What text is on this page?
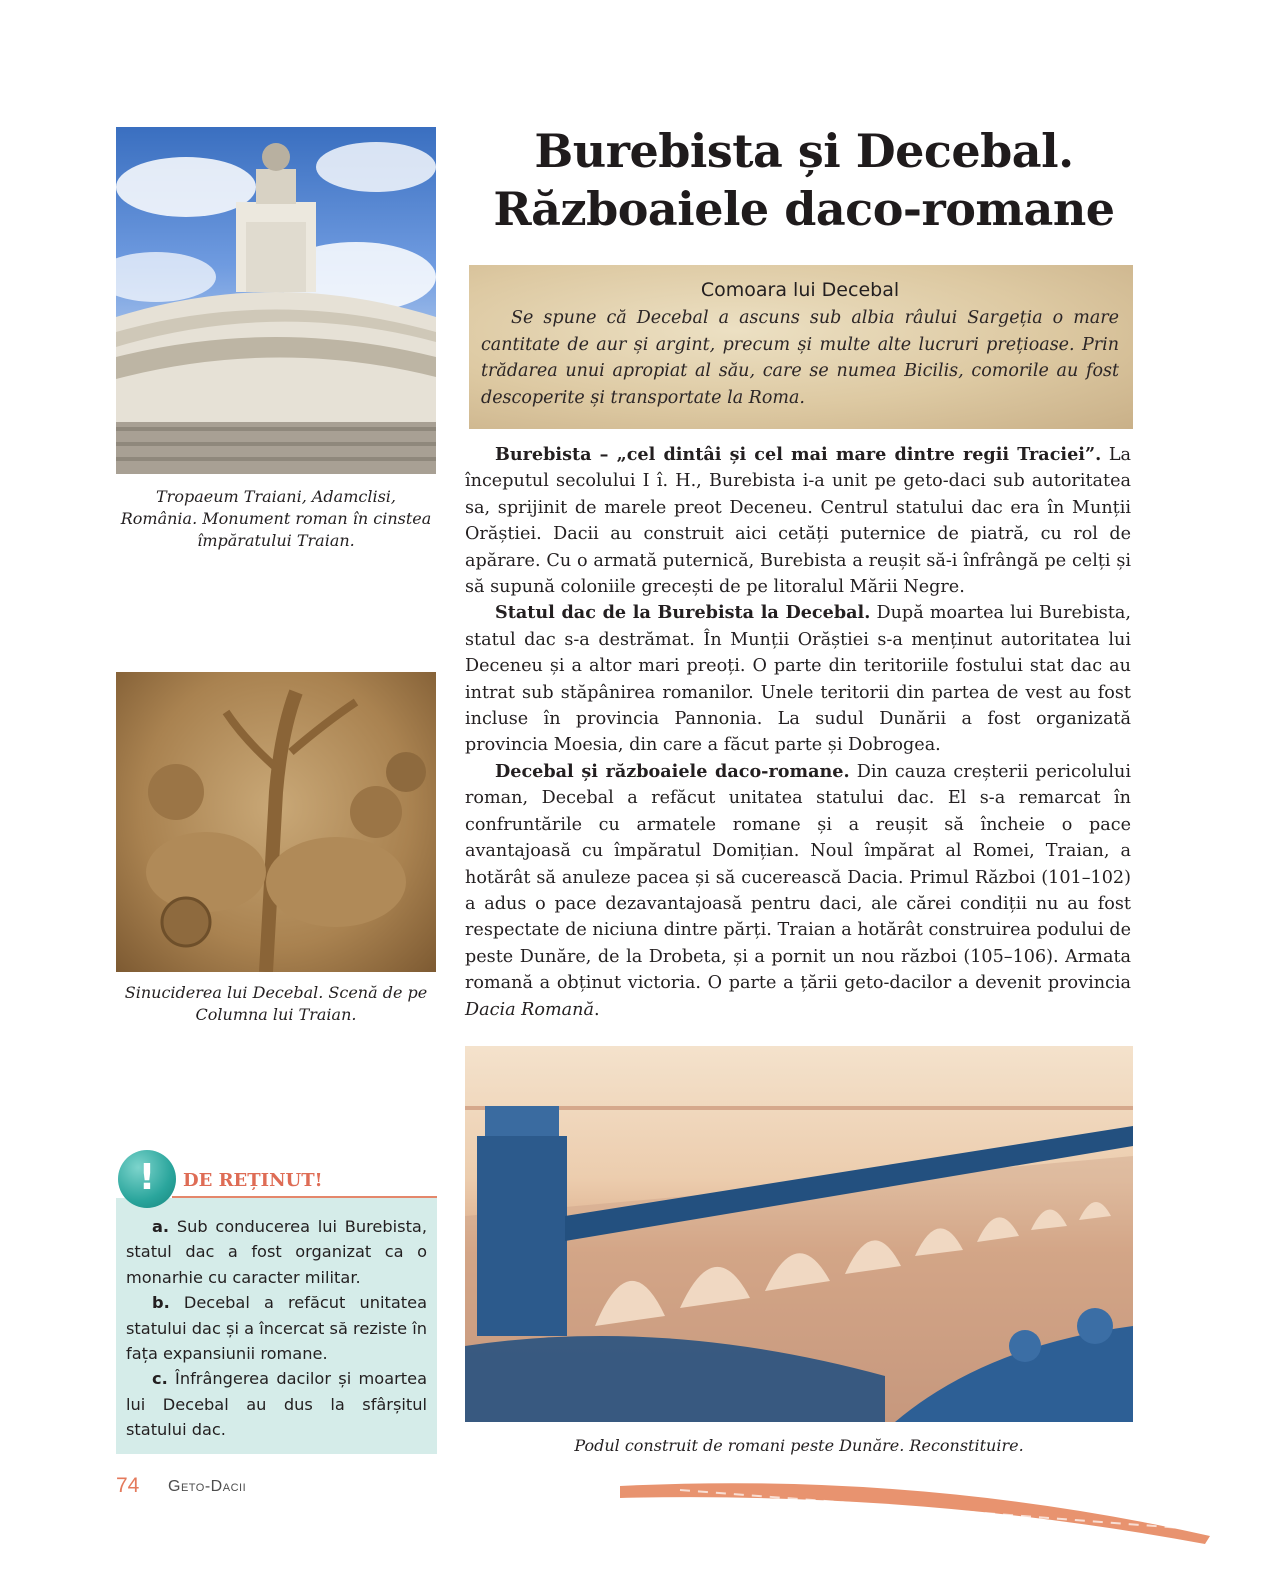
Burebista și Decebal.
Războaiele daco-romane
Comoara lui Decebal
Se spune că Decebal a ascuns sub albia râului Sargeția o mare cantitate de aur și argint, precum și multe alte lucruri prețioase. Prin trădarea unui apropiat al său, care se numea Bicilis, comorile au fost descoperite și transportate la Roma.

Burebista – „cel dintâi și cel mai mare dintre regii Traciei”. La începutul secolului I î. H., Burebista i-a unit pe geto-daci sub autoritatea sa, sprijinit de marele preot Deceneu. Centrul statului dac era în Munții Orăștiei. Dacii au construit aici cetăți puternice de piatră, cu rol de apărare. Cu o armată puternică, Burebista a reușit să-i înfrângă pe celți și să supună coloniile grecești de pe litoralul Mării Negre.

Statul dac de la Burebista la Decebal. După moartea lui Burebista, statul dac s-a destrămat. În Munții Orăștiei s-a menținut autoritatea lui Deceneu și a altor mari preoți. O parte din teritoriile fostului stat dac au intrat sub stăpânirea romanilor. Unele teritorii din partea de vest au fost incluse în provincia Pannonia. La sudul Dunării a fost organizată provincia Moesia, din care a făcut parte și Dobrogea.

Decebal și războaiele daco-romane. Din cauza creșterii pericolului roman, Decebal a refăcut unitatea statului dac. El s-a remarcat în confruntările cu armatele romane și a reușit să încheie o pace avantajoasă cu împăratul Domițian. Noul împărat al Romei, Traian, a hotărât să anuleze pacea și să cucerească Dacia. Primul Război (101–102) a adus o pace dezavantajoasă pentru daci, ale cărei condiții nu au fost respectate de niciuna dintre părți. Traian a hotărât construirea podului de peste Dunăre, de la Drobeta, și a pornit un nou război (105–106). Armata romană a obținut victoria. O parte a țării geto-dacilor a devenit provincia Dacia Romană.

Tropaeum Traiani, Adamclisi, România. Monument roman în cinstea împăratului Traian.
Sinuciderea lui Decebal. Scenă de pe Columna lui Traian.
Podul construit de romani peste Dunăre. Reconstituire.

a. Sub conducerea lui Burebista, statul dac a fost organizat ca o monarhie cu caracter militar.

b. Decebal a refăcut unitatea statului dac și a încercat să reziste în fața expansiunii romane.

c. Înfrângerea dacilor și moartea lui Decebal au dus la sfârșitul statului dac.

DE REȚINUT!
!
74 Geto-Dacii
